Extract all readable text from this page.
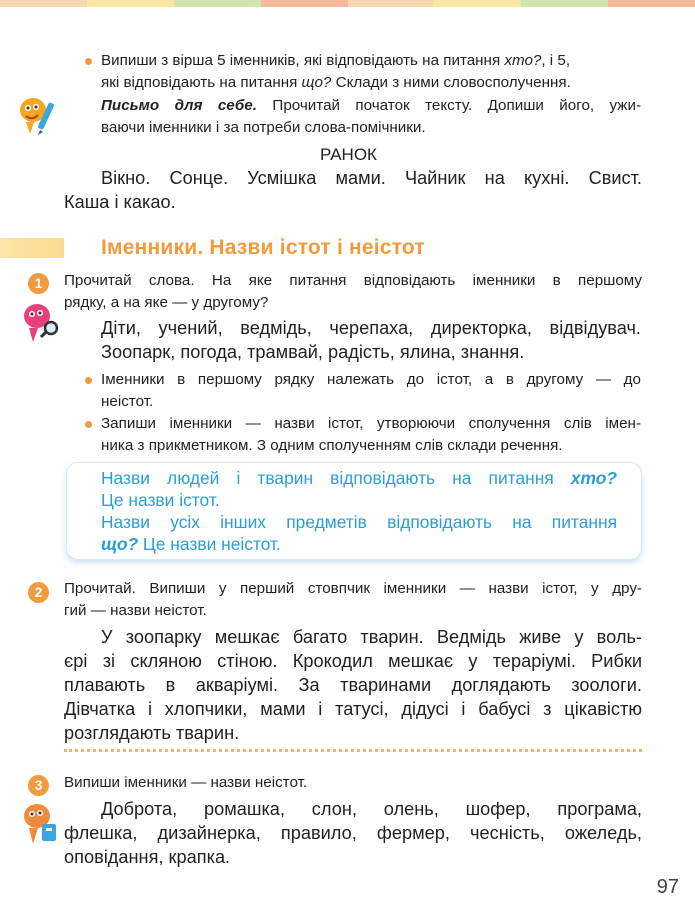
Випиши з вірша 5 іменників, які відповідають на питання хто?, і 5,
які відповідають на питання що? Склади з ними словосполучення.
Письмо для себе. Прочитай початок тексту. Допиши його, ужи-
ваючи іменники і за потреби слова-помічники.
РАНОК
Вікно. Сонце. Усмішка мами. Чайник на кухні. Свист.
Каша і какао.
Іменники. Назви істот і неістот
1	Прочитай слова. На яке питання відповідають іменники в першому
рядку, а на яке — у другому?
Діти, учений, ведмідь, черепаха, директорка, відвідувач.
Зоопарк, погода, трамвай, радість, ялина, знання.
Іменники в першому рядку належать до істот, а в другому — до
неістот.
Запиши іменники — назви істот, утворюючи сполучення слів імен-
ника з прикметником. З одним сполученням слів склади речення.
Назви людей і тварин відповідають на питання хто?
Це назви істот.
Назви усіх інших предметів відповідають на питання
що? Це назви неістот.
2	Прочитай. Випиши у перший стовпчик іменники — назви істот, у дру-
гий — назви неістот.
У зоопарку мешкає багато тварин. Ведмідь живе у воль-
єрі зі скляною стіною. Крокодил мешкає у тераріумі. Рибки
плавають в акваріумі. За тваринами доглядають зоологи.
Дівчатка і хлопчики, мами і татусі, дідусі і бабусі з цікавістю
розглядають тварин.
3	Випиши іменники — назви неістот.
Доброта, ромашка, слон, олень, шофер, програма,
флешка, дизайнерка, правило, фермер, чесність, ожеледь,
оповідання, крапка.
97
